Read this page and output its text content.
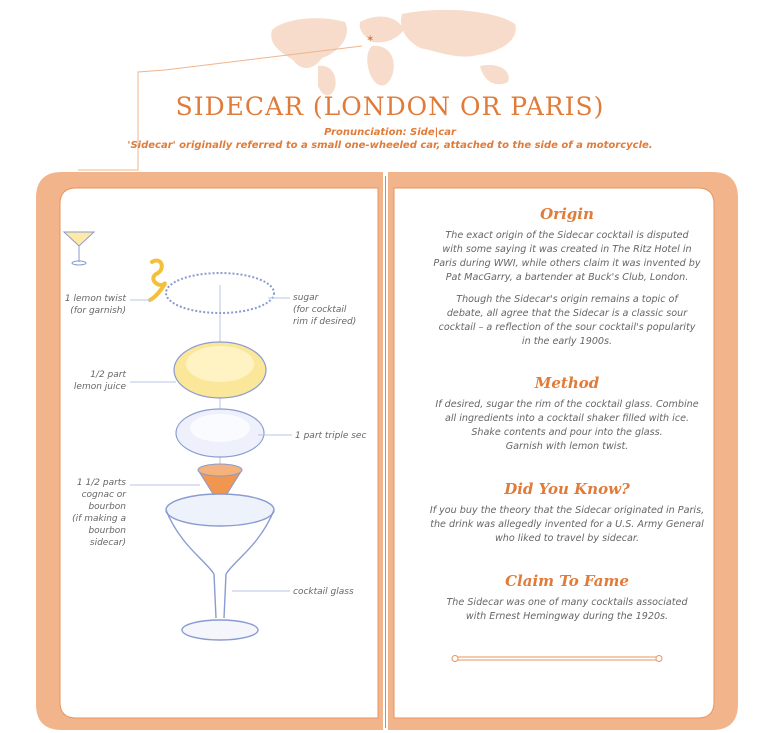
✶
SIDECAR (LONDON OR PARIS)
Pronunciation: Side|car
'Sidecar' originally referred to a small one-wheeled car, attached to the side of a motorcycle.
1 lemon twist
(for garnish)
sugar
(for cocktail
rim if desired)
1/2 part
lemon juice
1 part triple sec
1 1/2 parts
cognac or
bourbon
(if making a
bourbon
sidecar)
cocktail glass
Origin

The exact origin of the Sidecar cocktail is disputed
with some saying it was created in The Ritz Hotel in
Paris during WWI, while others claim it was invented by
Pat MacGarry, a bartender at Buck's Club, London.

Though the Sidecar's origin remains a topic of
debate, all agree that the Sidecar is a classic sour
cocktail – a reflection of the sour cocktail's popularity
in the early 1900s.

Method

If desired, sugar the rim of the cocktail glass. Combine
all ingredients into a cocktail shaker filled with ice.
Shake contents and pour into the glass.
Garnish with lemon twist.

Did You Know?

If you buy the theory that the Sidecar originated in Paris,
the drink was allegedly invented for a U.S. Army General
who liked to travel by sidecar.

Claim To Fame

The Sidecar was one of many cocktails associated
with Ernest Hemingway during the 1920s.
